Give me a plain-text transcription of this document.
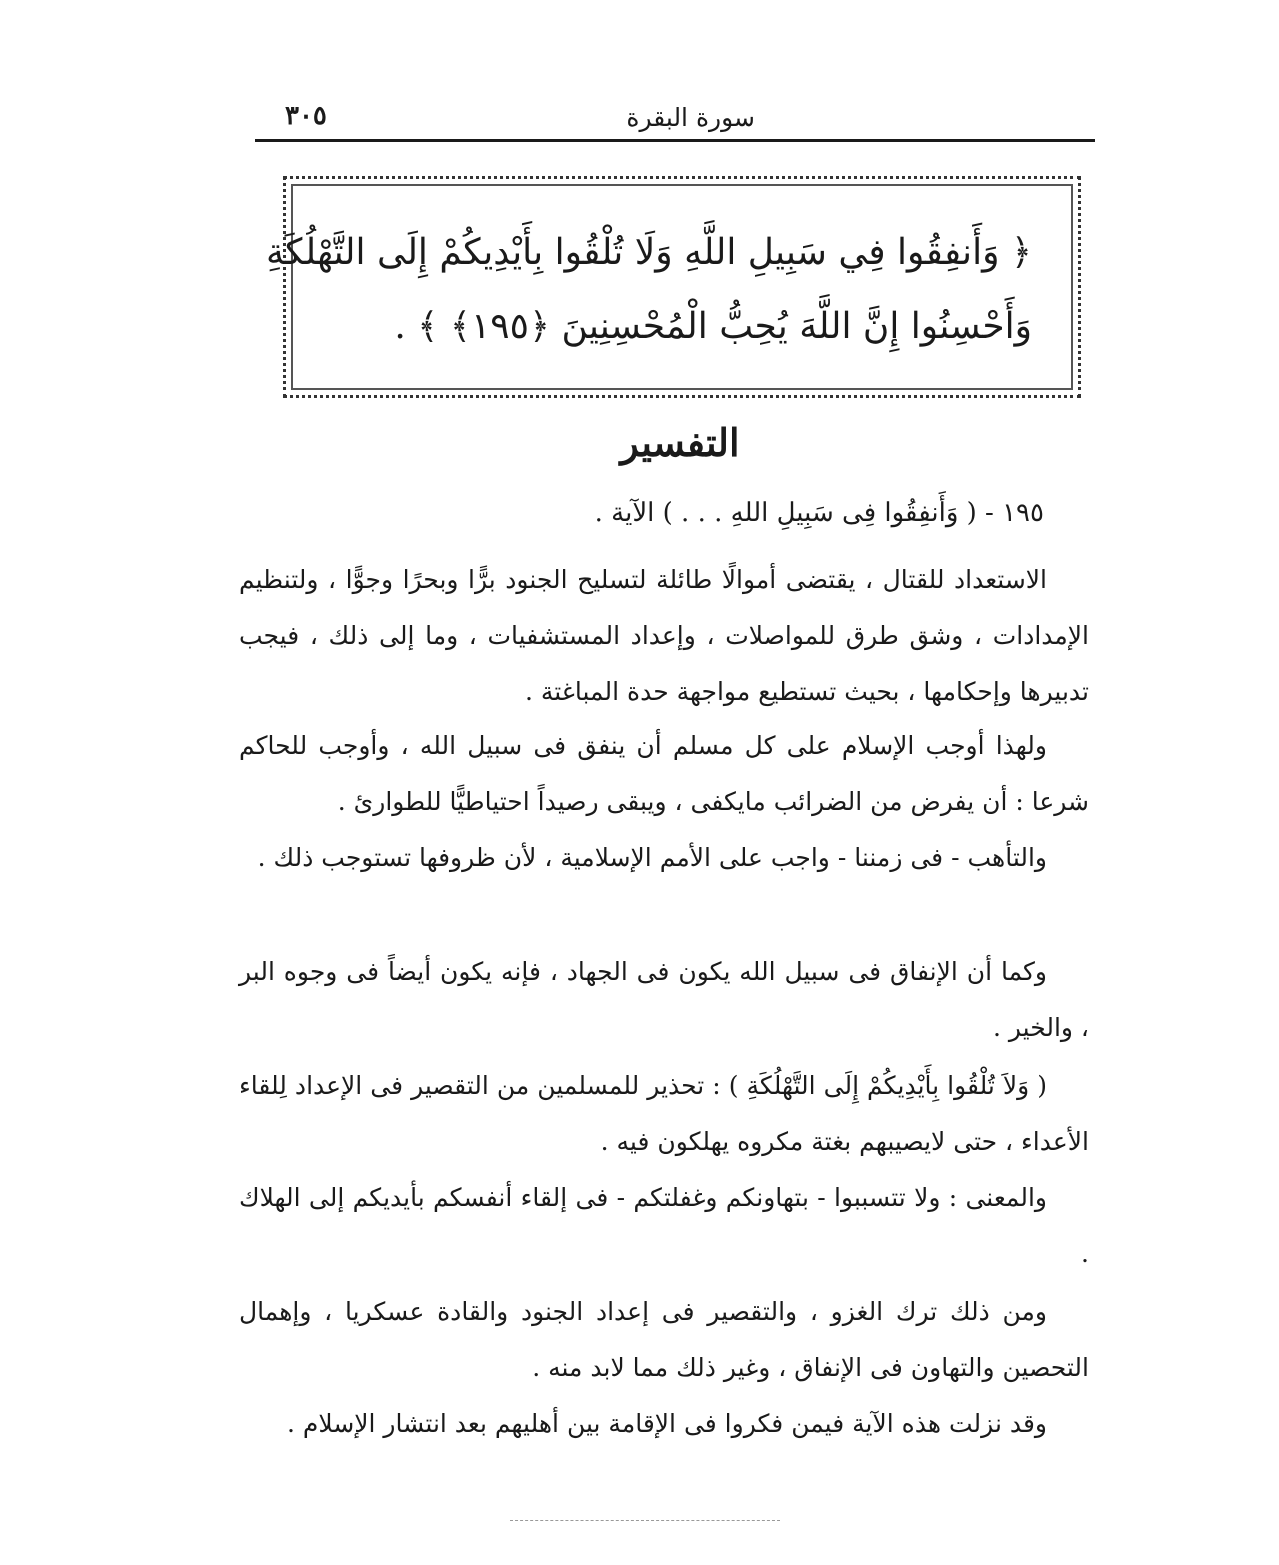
سورة البقرة
٣٠٥
﴿ وَأَنفِقُوا فِي سَبِيلِ اللَّهِ وَلَا تُلْقُوا بِأَيْدِيكُمْ إِلَى التَّهْلُكَةِ
وَأَحْسِنُوا إِنَّ اللَّهَ يُحِبُّ الْمُحْسِنِينَ ﴿١٩٥﴾ ﴾ .
التفسير
١٩٥ - ( وَأَنفِقُوا فِى سَبِيلِ اللهِ . . . ) الآية .

الاستعداد للقتال ، يقتضى أموالًا طائلة لتسليح الجنود برًّا وبحرًا وجوًّا ، ولتنظيم الإمدادات ، وشق طرق للمواصلات ، وإعداد المستشفيات ، وما إلى ذلك ، فيجب تدبيرها وإحكامها ، بحيث تستطيع مواجهة حدة المباغتة .

ولهذا أوجب الإسلام على كل مسلم أن ينفق فى سبيل الله ، وأوجب للحاكم شرعا : أن يفرض من الضرائب مايكفى ، ويبقى رصيداً احتياطيًّا للطوارئ .

والتأهب - فى زمننا - واجب على الأمم الإسلامية ، لأن ظروفها تستوجب ذلك .

وكما أن الإنفاق فى سبيل الله يكون فى الجهاد ، فإنه يكون أيضاً فى وجوه البر ، والخير .

( وَلاَ تُلْقُوا بِأَيْدِيكُمْ إِلَى التَّهْلُكَةِ ) : تحذير للمسلمين من التقصير فى الإعداد لِلقاء الأعداء ، حتى لايصيبهم بغتة مكروه يهلكون فيه .

والمعنى : ولا تتسببوا - بتهاونكم وغفلتكم - فى إلقاء أنفسكم بأيديكم إلى الهلاك .

ومن ذلك ترك الغزو ، والتقصير فى إعداد الجنود والقادة عسكريا ، وإهمال التحصين والتهاون فى الإنفاق ، وغير ذلك مما لابد منه .

وقد نزلت هذه الآية فيمن فكروا فى الإقامة بين أهليهم بعد انتشار الإسلام .
